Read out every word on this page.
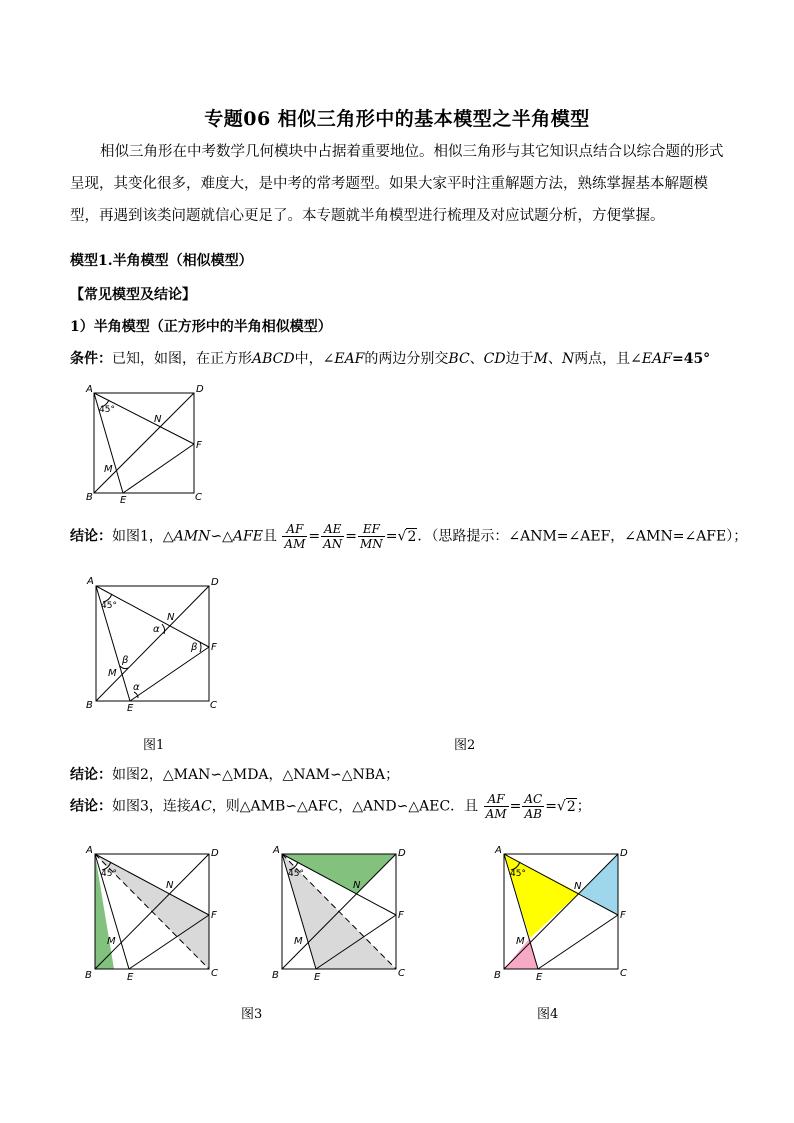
专题06 相似三角形中的基本模型之半角模型
相似三角形在中考数学几何模块中占据着重要地位。相似三角形与其它知识点结合以综合题的形式呈现，其变化很多，难度大，是中考的常考题型。如果大家平时注重解题方法，熟练掌握基本解题模型，再遇到该类问题就信心更足了。本专题就半角模型进行梳理及对应试题分析，方便掌握。
模型1.半角模型（相似模型）
【常见模型及结论】
1）半角模型（正方形中的半角相似模型）
条件：已知，如图，在正方形ABCD中，∠EAF的两边分别交BC、CD边于M、N两点，且∠EAF=45°
A	D
B	C
E
F
M
N
45°
结论：如图1，△AMN∽△AFE且 $\frac{AF}{AM} = \frac{AE}{AN} = \frac{EF}{MN} =√2$．（思路提示：∠ANM=∠AEF，∠AMN=∠AFE）；
A	D
B	C
E
F
M
N
α
β
β
α
45°
图1	图2
结论：如图2，△MAN∽△MDA，△NAM∽△NBA；
结论：如图3，连接AC，则△AMB∽△AFC，△AND∽△AEC．且 $\frac{AF}{AM} = \frac{AC}{AB} =√2$；
A	D
B	C
E
F
M
N
45°
A	D
B	C
E
F
M
N
45°
A	D
B	C
E
F
M
N
45°
图3	图4
